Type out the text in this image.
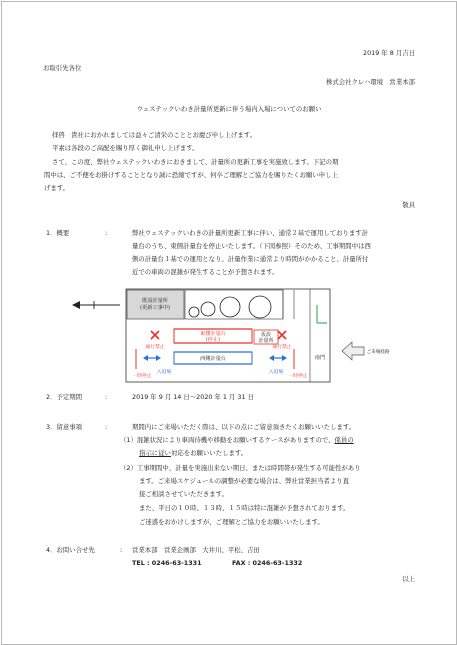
2019 年 8 月吉日
お取引先各位
株式会社クレハ環境　営業本部
ウェステックいわき計量所更新に伴う場内入場についてのお願い
拝啓　貴社におかれましては益々ご清栄のこととお慶び申し上げます。
平素は各段のご高配を賜り厚く御礼申し上げます。
さて、この度、弊社ウェステックいわきにおきまして、計量所の更新工事を実施致します。下記の期
間中は、ご不便をお掛けすることとなり誠に恐縮ですが、何卒ご理解とご協力を賜りたくお願い申し上
げます。
敬具
1．概要	:	弊社ウェステックいわきの計量所更新工事に伴い、通常２基で運用しております計
量台のうち、東側計量台を停止いたします。（下図参照）そのため、工事期間中は西
側の計量台１基での運用となり、計量作業に通常より時間がかかること、計量所付
近での車両の混雑が発生することが予想されます。
既設計量所
(更新工事中)
東側計量台
(停止)
仮設
計量所
通行禁止	通行禁止
西側計量台
入退場	入退場
一時停止	一時停止
南門
ご来場経路
2．予定期間	:	2019 年 9 月 14 日～2020 年 1 月 31 日
3．留意事項	:	期間内にご来場いただく際は、以下の点にご留意頂きたくお願いいたします。
（1）混雑状況により車両待機や移動をお願いするケースがありますので、係員の
指示に従い対応をお願いいたします。
（2）工事期間中、計量を実施出来ない期日、または時間帯が発生する可能性があり
ます。ご来場スケジュールの調整が必要な場合は、弊社営業担当者より直
接ご相談させていただきます。
また、平日の１０時、１３時、１５時は特に混雑が予想されております。
ご迷惑をおかけしますが、ご理解とご協力をお願いいたします。
4．お問い合せ先	: 営業本部　営業企画部　大井川、平松、吉田
TEL : 0246-63-1331	FAX : 0246-63-1332
以上
